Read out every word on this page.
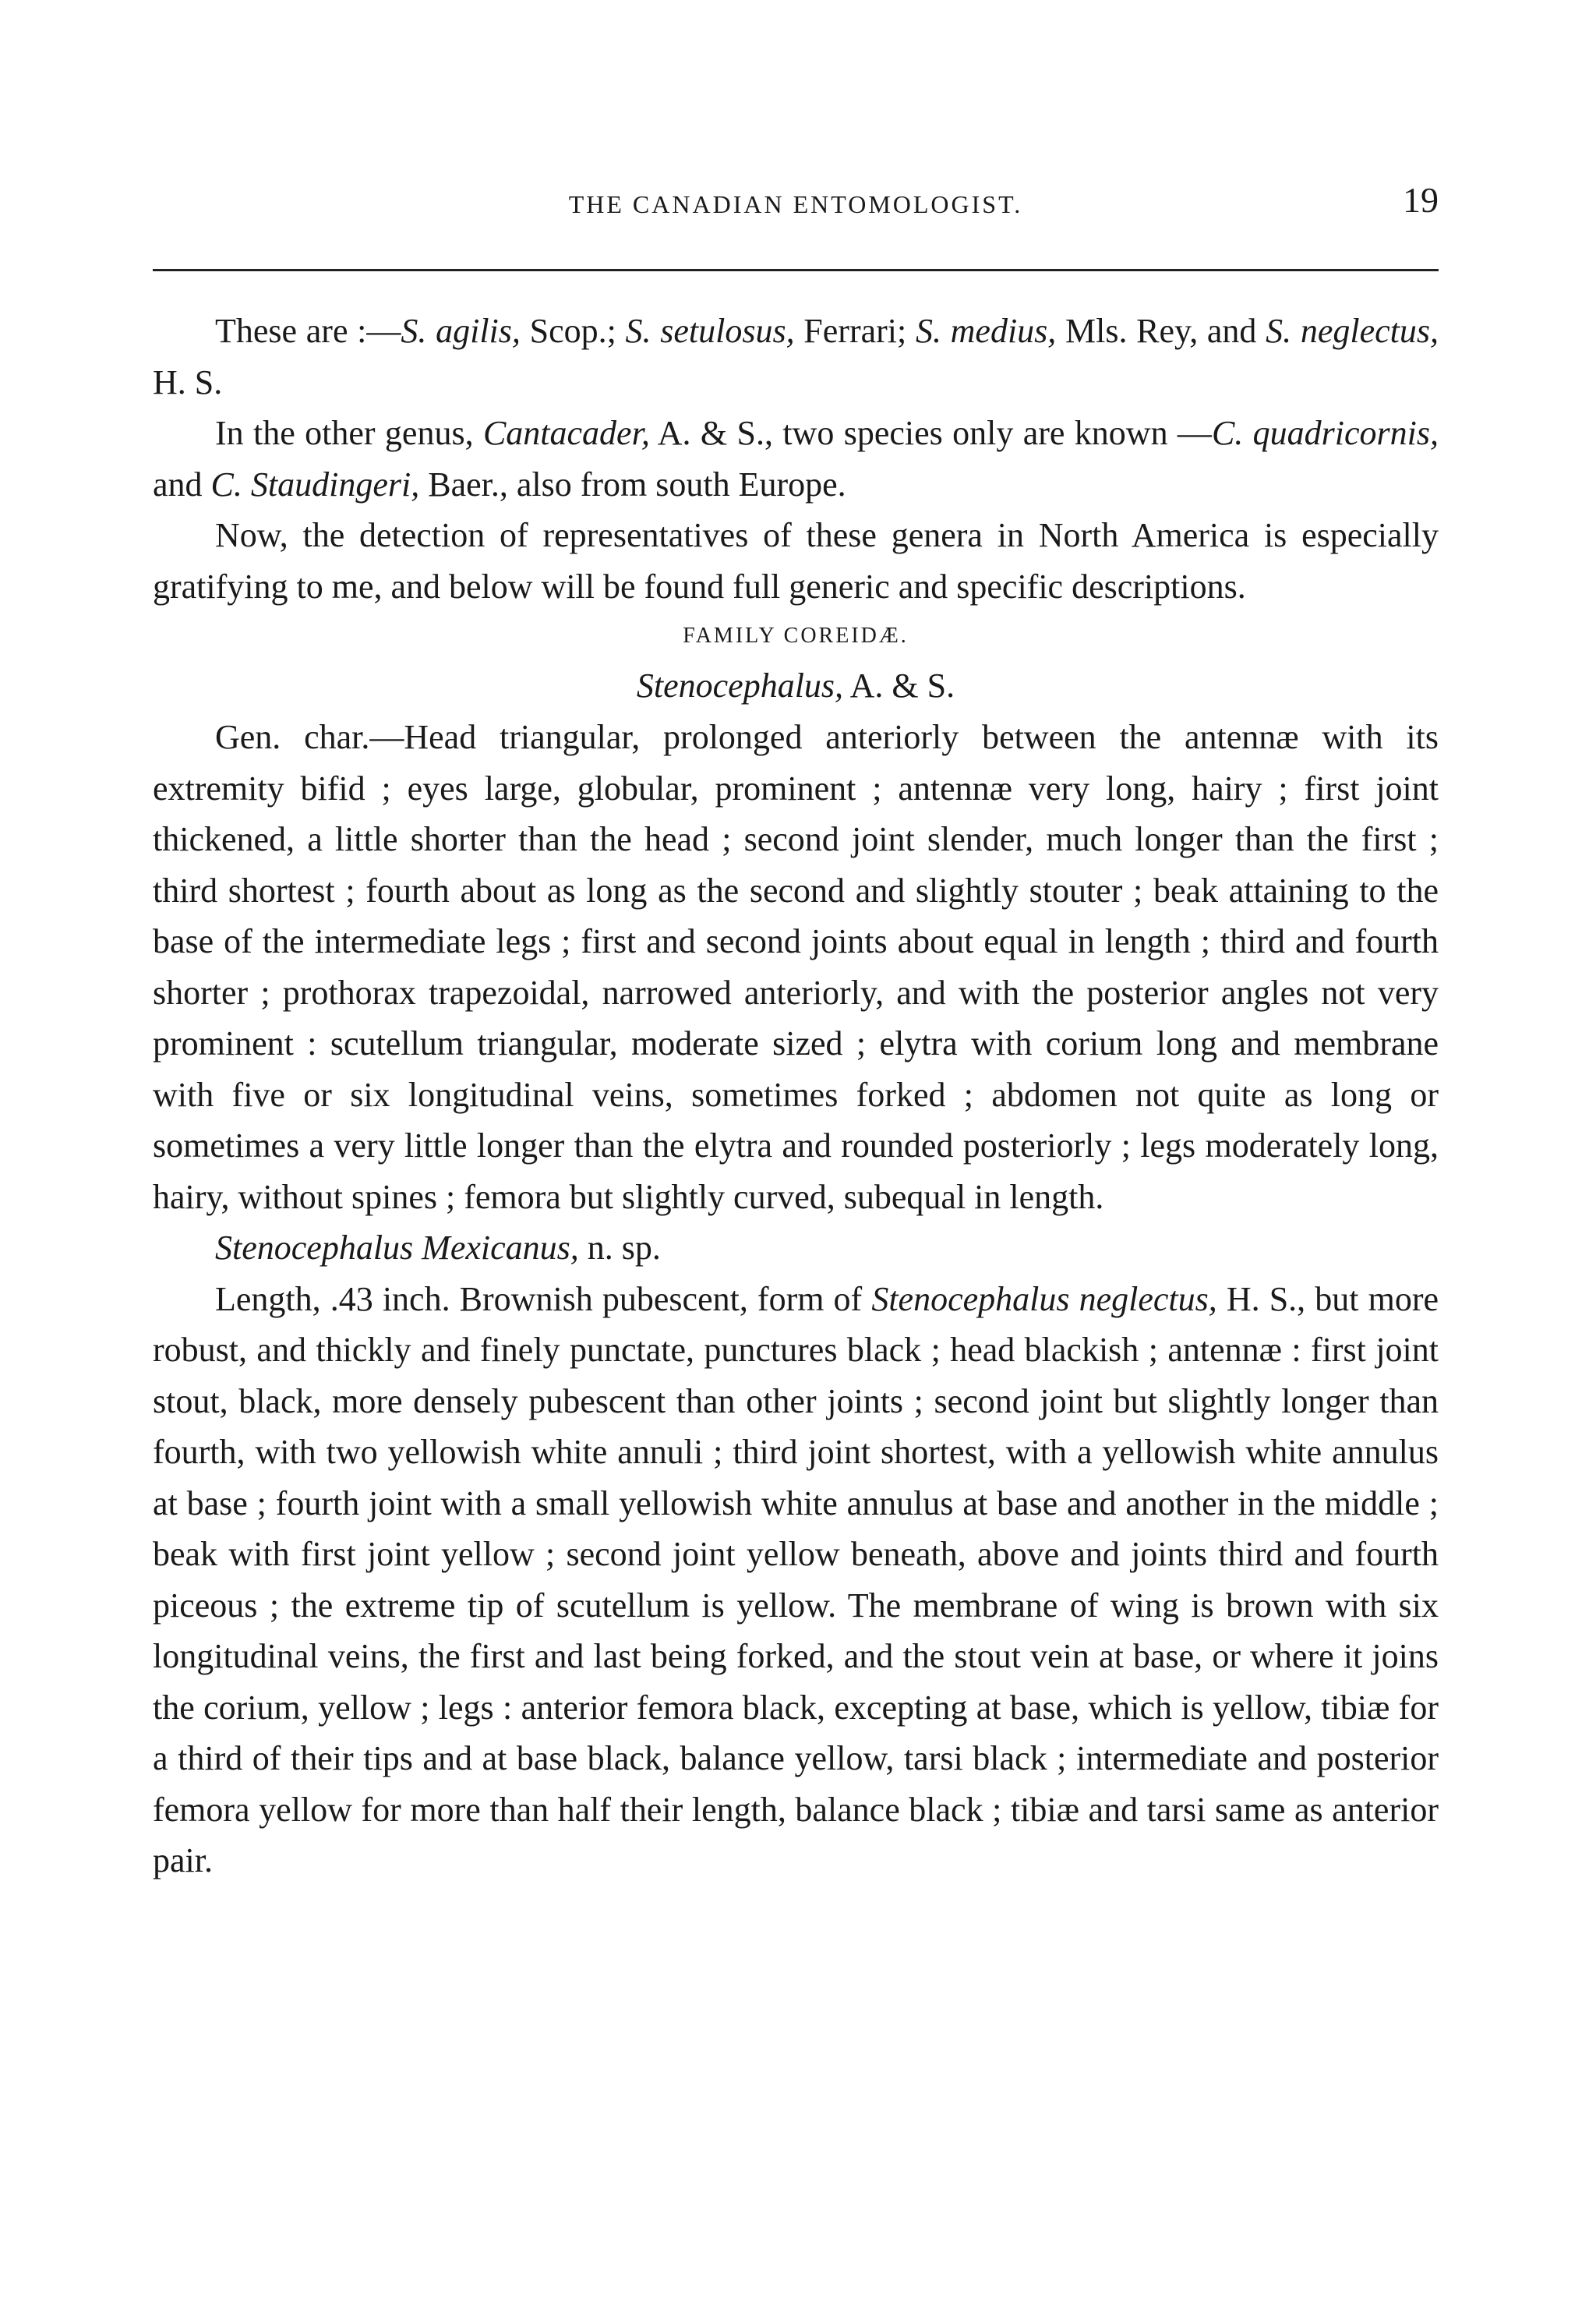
THE CANADIAN ENTOMOLOGIST.	19

These are :—S. agilis, Scop.; S. setulosus, Ferrari; S. medius, Mls. Rey, and S. neglectus, H. S.

In the other genus, Cantacader, A. & S., two species only are known —C. quadricornis, and C. Staudingeri, Baer., also from south Europe.

Now, the detection of representatives of these genera in North America is especially gratifying to me, and below will be found full generic and specific descriptions.

FAMILY COREIDÆ.

Stenocephalus, A. & S.

Gen. char.—Head triangular, prolonged anteriorly between the antennæ with its extremity bifid ; eyes large, globular, prominent ; antennæ very long, hairy ; first joint thickened, a little shorter than the head ; second joint slender, much longer than the first ; third shortest ; fourth about as long as the second and slightly stouter ; beak attaining to the base of the intermediate legs ; first and second joints about equal in length ; third and fourth shorter ; prothorax trapezoidal, narrowed anteriorly, and with the posterior angles not very prominent : scutellum triangular, moderate sized ; elytra with corium long and membrane with five or six longitudinal veins, sometimes forked ; abdomen not quite as long or sometimes a very little longer than the elytra and rounded posteriorly ; legs moderately long, hairy, without spines ; femora but slightly curved, subequal in length.

Stenocephalus Mexicanus, n. sp.

Length, .43 inch. Brownish pubescent, form of Stenocephalus neglectus, H. S., but more robust, and thickly and finely punctate, punctures black ; head blackish ; antennæ : first joint stout, black, more densely pubescent than other joints ; second joint but slightly longer than fourth, with two yellowish white annuli ; third joint shortest, with a yellowish white annulus at base ; fourth joint with a small yellowish white annulus at base and another in the middle ; beak with first joint yellow ; second joint yellow beneath, above and joints third and fourth piceous ; the extreme tip of scutellum is yellow. The membrane of wing is brown with six longitudinal veins, the first and last being forked, and the stout vein at base, or where it joins the corium, yellow ; legs : anterior femora black, excepting at base, which is yellow, tibiæ for a third of their tips and at base black, balance yellow, tarsi black ; intermediate and posterior femora yellow for more than half their length, balance black ; tibiæ and tarsi same as anterior pair.
